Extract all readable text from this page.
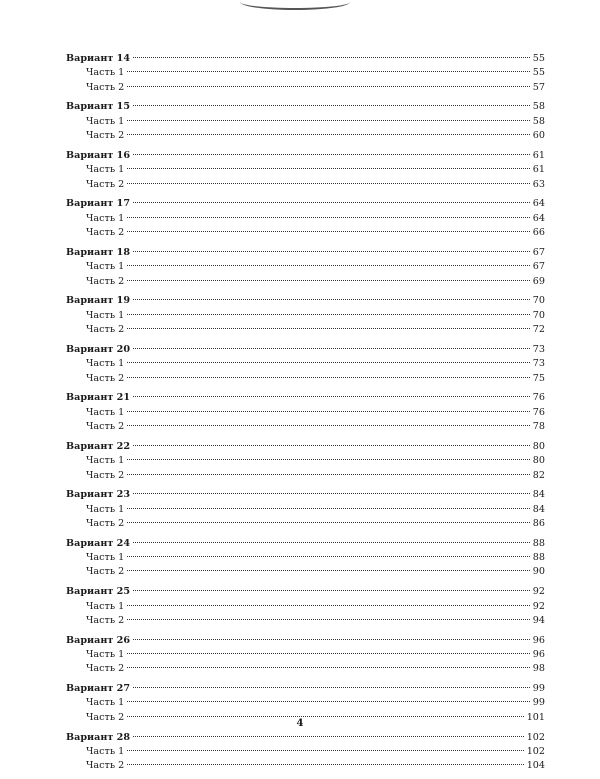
Вариант 14	55
Часть 1	55
Часть 2	57
Вариант 15	58
Часть 1	58
Часть 2	60
Вариант 16	61
Часть 1	61
Часть 2	63
Вариант 17	64
Часть 1	64
Часть 2	66
Вариант 18	67
Часть 1	67
Часть 2	69
Вариант 19	70
Часть 1	70
Часть 2	72
Вариант 20	73
Часть 1	73
Часть 2	75
Вариант 21	76
Часть 1	76
Часть 2	78
Вариант 22	80
Часть 1	80
Часть 2	82
Вариант 23	84
Часть 1	84
Часть 2	86
Вариант 24	88
Часть 1	88
Часть 2	90
Вариант 25	92
Часть 1	92
Часть 2	94
Вариант 26	96
Часть 1	96
Часть 2	98
Вариант 27	99
Часть 1	99
Часть 2	101
Вариант 28	102
Часть 1	102
Часть 2	104
4
